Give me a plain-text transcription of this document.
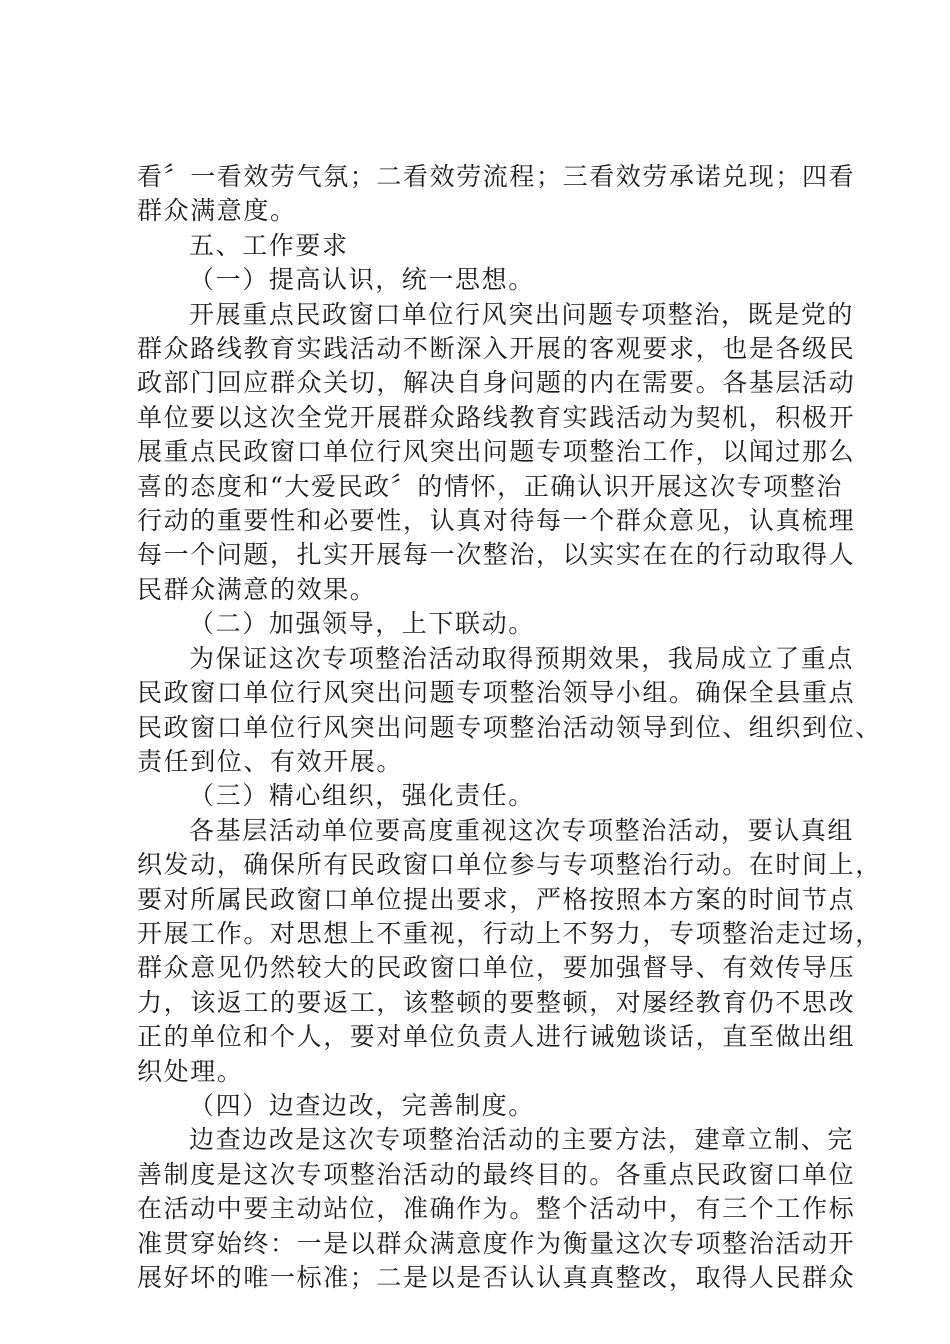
看〞一看效劳气氛；二看效劳流程；三看效劳承诺兑现；四看
群众满意度。
五、工作要求
（一）提高认识，统一思想。
开展重点民政窗口单位行风突出问题专项整治，既是党的
群众路线教育实践活动不断深入开展的客观要求，也是各级民
政部门回应群众关切，解决自身问题的内在需要。各基层活动
单位要以这次全党开展群众路线教育实践活动为契机，积极开
展重点民政窗口单位行风突出问题专项整治工作，以闻过那么
喜的态度和“大爱民政〞的情怀，正确认识开展这次专项整治
行动的重要性和必要性，认真对待每一个群众意见，认真梳理
每一个问题，扎实开展每一次整治，以实实在在的行动取得人
民群众满意的效果。
（二）加强领导，上下联动。
为保证这次专项整治活动取得预期效果，我局成立了重点
民政窗口单位行风突出问题专项整治领导小组。确保全县重点
民政窗口单位行风突出问题专项整治活动领导到位、组织到位、
责任到位、有效开展。
（三）精心组织，强化责任。
各基层活动单位要高度重视这次专项整治活动，要认真组
织发动，确保所有民政窗口单位参与专项整治行动。在时间上，
要对所属民政窗口单位提出要求，严格按照本方案的时间节点
开展工作。对思想上不重视，行动上不努力，专项整治走过场，
群众意见仍然较大的民政窗口单位，要加强督导、有效传导压
力，该返工的要返工，该整顿的要整顿，对屡经教育仍不思改
正的单位和个人，要对单位负责人进行诫勉谈话，直至做出组
织处理。
（四）边查边改，完善制度。
边查边改是这次专项整治活动的主要方法，建章立制、完
善制度是这次专项整治活动的最终目的。各重点民政窗口单位
在活动中要主动站位，准确作为。整个活动中，有三个工作标
准贯穿始终：一是以群众满意度作为衡量这次专项整治活动开
展好坏的唯一标准；二是以是否认认真真整改，取得人民群众
